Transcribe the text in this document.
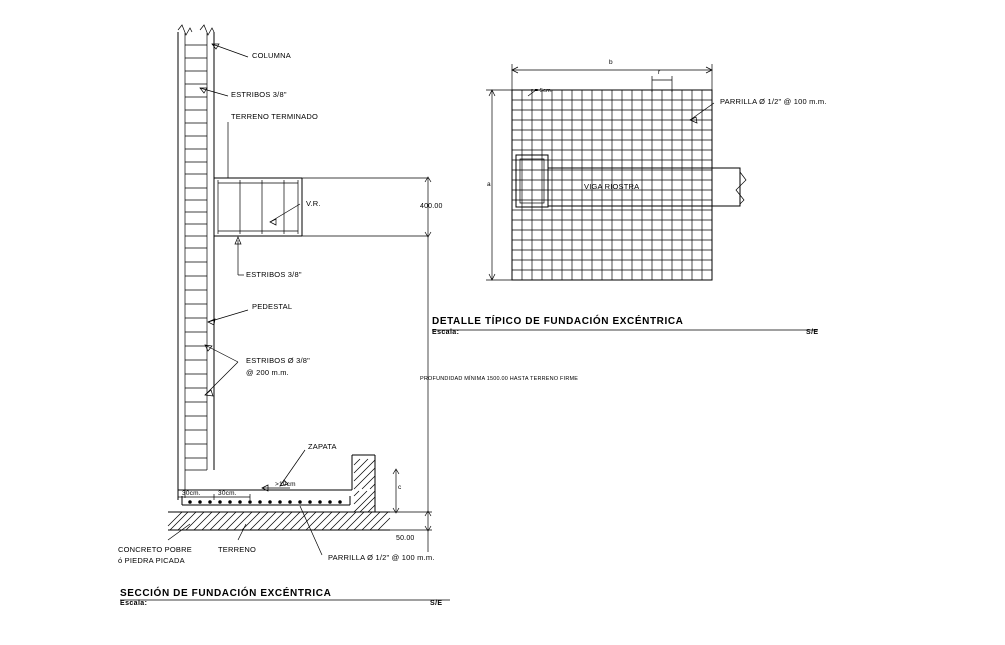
COLUMNA
ESTRIBOS 3/8"
TERRENO TERMINADO
V.R.
ESTRIBOS 3/8"
PEDESTAL
ESTRIBOS Ø 3/8"
@ 200 m.m.
ZAPATA
>10cm
30cm.	30cm.
c
CONCRETO POBRE
ó PIEDRA PICADA
TERRENO
PARRILLA Ø 1/2" @ 100 m.m.
400.00
50.00
PROFUNDIDAD MÍNIMA 1500.00 HASTA TERRENO FIRME
SECCIÓN DE FUNDACIÓN EXCÉNTRICA
Escala:	S/E
r = 5cm.
b
a
r
VIGA RIOSTRA
PARRILLA Ø 1/2" @ 100 m.m.
DETALLE TÍPICO DE FUNDACIÓN EXCÉNTRICA
Escala:	S/E
